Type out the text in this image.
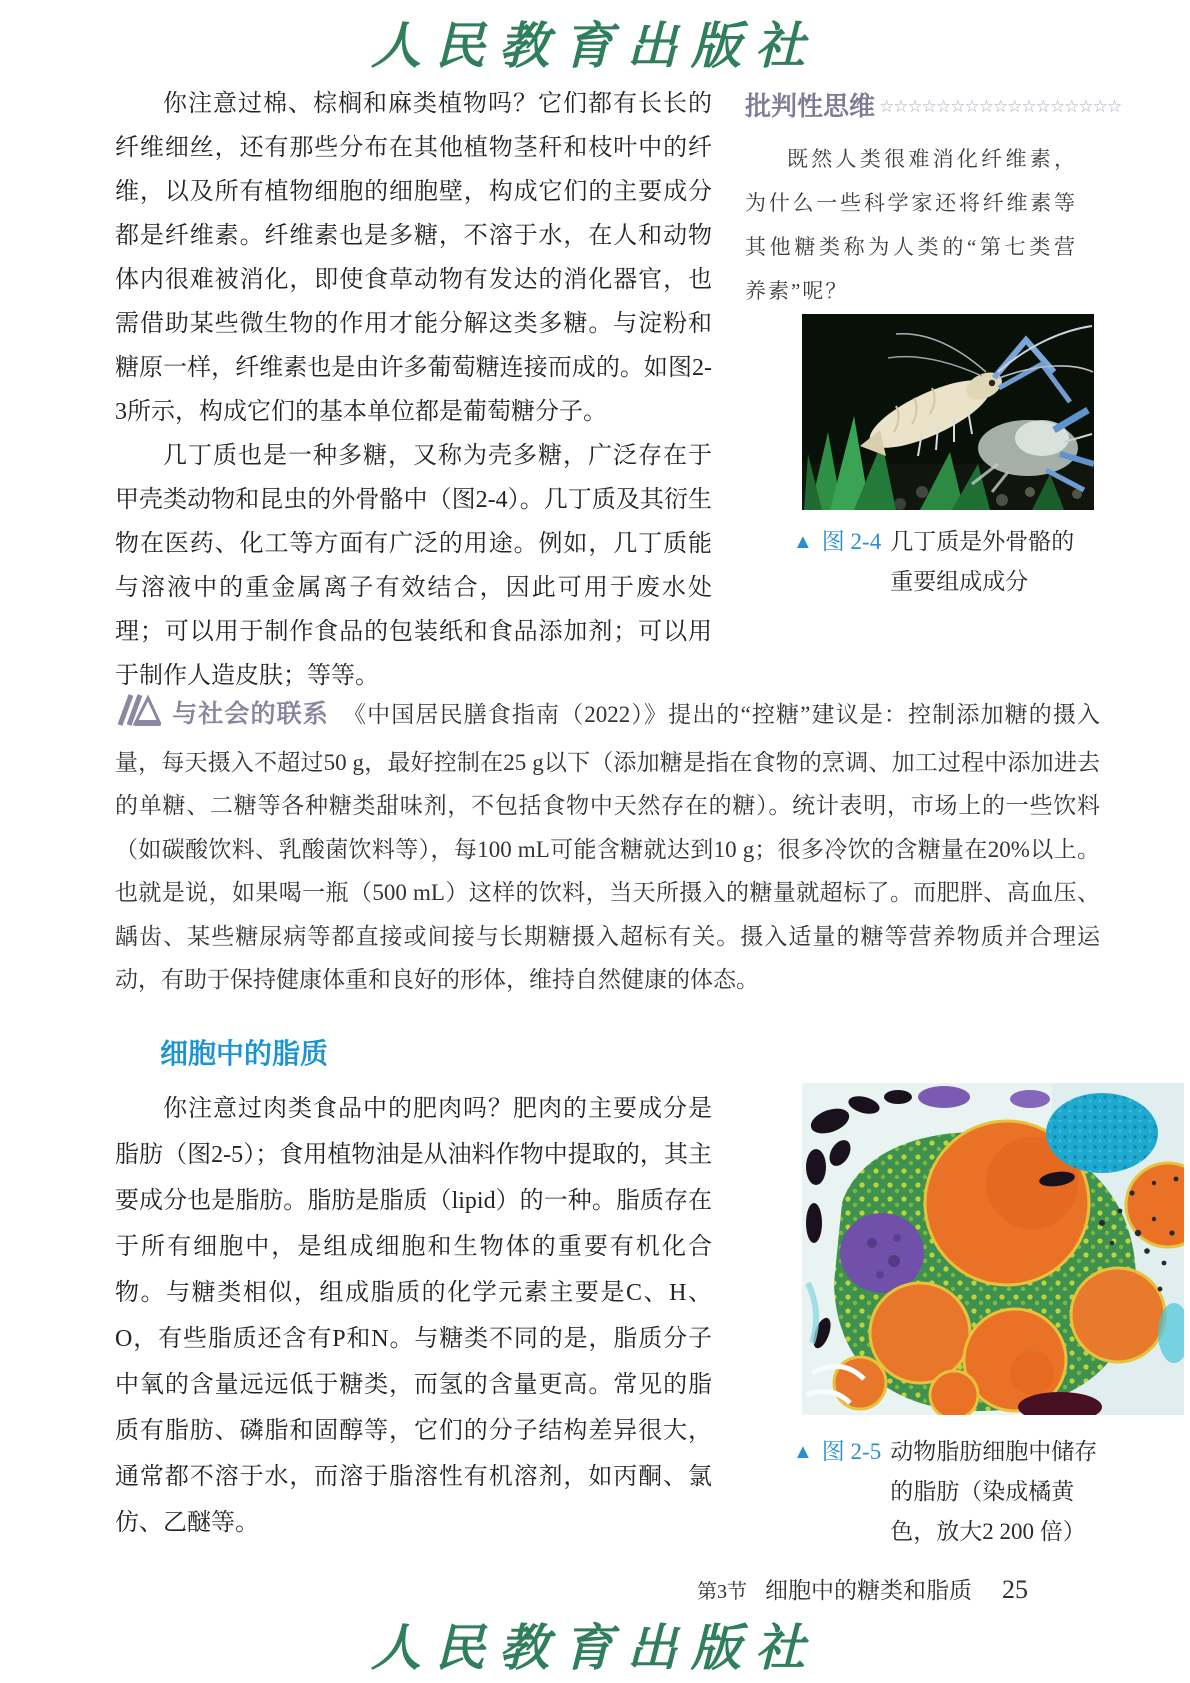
人民教育出版社

你注意过棉、棕榈和麻类植物吗？它们都有长长的纤维细丝，还有那些分布在其他植物茎秆和枝叶中的纤维，以及所有植物细胞的细胞壁，构成它们的主要成分都是纤维素。纤维素也是多糖，不溶于水，在人和动物体内很难被消化，即使食草动物有发达的消化器官，也需借助某些微生物的作用才能分解这类多糖。与淀粉和糖原一样，纤维素也是由许多葡萄糖连接而成的。如图2-3所示，构成它们的基本单位都是葡萄糖分子。

几丁质也是一种多糖，又称为壳多糖，广泛存在于甲壳类动物和昆虫的外骨骼中（图2-4）。几丁质及其衍生物在医药、化工等方面有广泛的用途。例如，几丁质能与溶液中的重金属离子有效结合，因此可用于废水处理；可以用于制作食品的包装纸和食品添加剂；可以用于制作人造皮肤；等等。

与社会的联系 《中国居民膳食指南（2022）》提出的“控糖”建议是：控制添加糖的摄入量，每天摄入不超过50 g，最好控制在25 g以下（添加糖是指在食物的烹调、加工过程中添加进去的单糖、二糖等各种糖类甜味剂，不包括食物中天然存在的糖）。统计表明，市场上的一些饮料（如碳酸饮料、乳酸菌饮料等），每100 mL可能含糖就达到10 g；很多冷饮的含糖量在20%以上。也就是说，如果喝一瓶（500 mL）这样的饮料，当天所摄入的糖量就超标了。而肥胖、高血压、龋齿、某些糖尿病等都直接或间接与长期糖摄入超标有关。摄入适量的糖等营养物质并合理运动，有助于保持健康体重和良好的形体，维持自然健康的体态。
细胞中的脂质

你注意过肉类食品中的肥肉吗？肥肉的主要成分是脂肪（图2-5）；食用植物油是从油料作物中提取的，其主要成分也是脂肪。脂肪是脂质（lipid）的一种。脂质存在于所有细胞中，是组成细胞和生物体的重要有机化合物。与糖类相似，组成脂质的化学元素主要是C、H、O，有些脂质还含有P和N。与糖类不同的是，脂质分子中氧的含量远远低于糖类，而氢的含量更高。常见的脂质有脂肪、磷脂和固醇等，它们的分子结构差异很大，通常都不溶于水，而溶于脂溶性有机溶剂，如丙酮、氯仿、乙醚等。

批判性思维 ☆☆☆☆☆☆☆☆☆☆☆☆☆☆☆☆☆
既然人类很难消化纤维素，为什么一些科学家还将纤维素等其他糖类称为人类的“第七类营养素”呢？
▲ 图 2-4 几丁质是外骨骼的重要组成成分
▲ 图 2-5 动物脂肪细胞中储存的脂肪（染成橘黄色，放大2 200 倍）
第3节 细胞中的糖类和脂质 25
人民教育出版社
